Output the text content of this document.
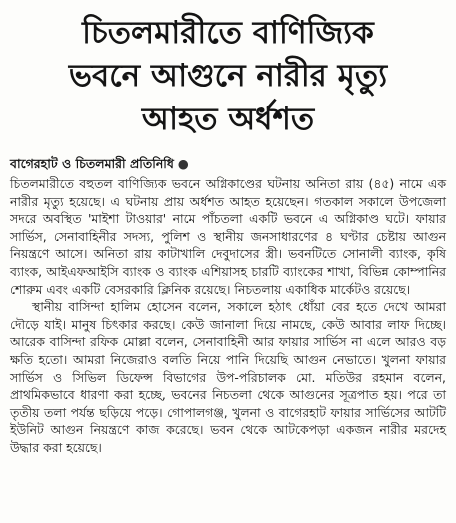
চিতলমারীতে বাণিজ্যিক
ভবনে আগুনে নারীর মৃত্যু
আহত অর্ধশত
বাগেরহাট ও চিতলমারী প্রতিনিধি ●

চিতলমারীতে বহুতল বাণিজ্যিক ভবনে অগ্নিকাণ্ডের ঘটনায় অনিতা রায় (৪৫) নামে এক নারীর মৃত্যু হয়েছে। এ ঘটনায় প্রায় অর্ধশত আহত হয়েছেন। গতকাল সকালে উপজেলা সদরে অবস্থিত 'মাইশা টাওয়ার' নামে পাঁচতলা একটি ভবনে এ অগ্নিকাণ্ড ঘটে। ফায়ার সার্ভিস, সেনাবাহিনীর সদস্য, পুলিশ ও স্থানীয় জনসাধারণের ৪ ঘণ্টার চেষ্টায় আগুন নিয়ন্ত্রণে আসে। অনিতা রায় কাটাখালি দেবুদাসের স্ত্রী। ভবনটিতে সোনালী ব্যাংক, কৃষি ব্যাংক, আইএফআইসি ব্যাংক ও ব্যাংক এশিয়াসহ চারটি ব্যাংকের শাখা, বিভিন্ন কোম্পানির শোরুম এবং একটি বেসরকারি ক্লিনিক রয়েছে। নিচতলায় একাধিক মার্কেটও রয়েছে।

স্থানীয় বাসিন্দা হালিম হোসেন বলেন, সকালে হঠাৎ ধোঁয়া বের হতে দেখে আমরা দৌড়ে যাই। মানুষ চিৎকার করছে। কেউ জানালা দিয়ে নামছে, কেউ আবার লাফ দিচ্ছে। আরেক বাসিন্দা রফিক মোল্লা বলেন, সেনাবাহিনী আর ফায়ার সার্ভিস না এলে আরও বড় ক্ষতি হতো। আমরা নিজেরাও বলতি নিয়ে পানি দিয়েছি আগুন নেভাতে। খুলনা ফায়ার সার্ভিস ও সিভিল ডিফেন্স বিভাগের উপ-পরিচালক মো. মতিউর রহমান বলেন, প্রাথমিকভাবে ধারণা করা হচ্ছে, ভবনের নিচতলা থেকে আগুনের সূত্রপাত হয়। পরে তা তৃতীয় তলা পর্যন্ত ছড়িয়ে পড়ে। গোপালগঞ্জ, খুলনা ও বাগেরহাট ফায়ার সার্ভিসের আটটি ইউনিট আগুন নিয়ন্ত্রণে কাজ করেছে। ভবন থেকে আটকেপড়া একজন নারীর মরদেহ উদ্ধার করা হয়েছে।
